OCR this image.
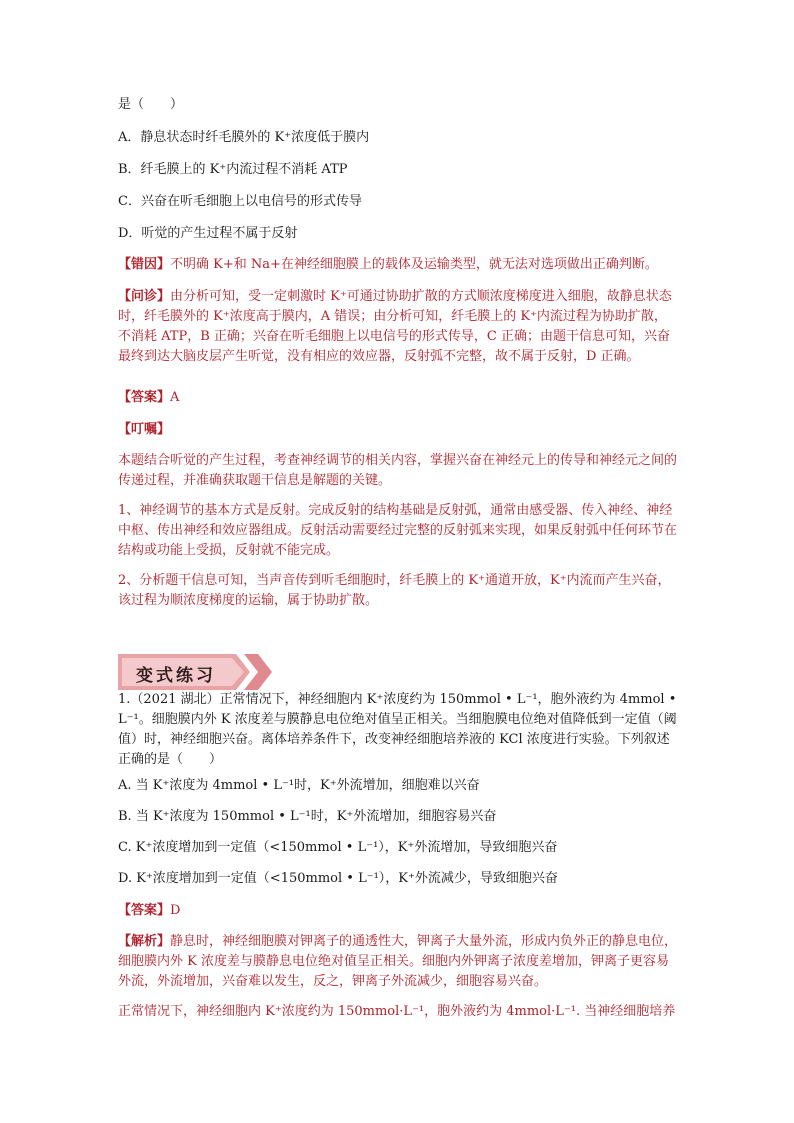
是（　　）
A．静息状态时纤毛膜外的 K⁺浓度低于膜内
B．纤毛膜上的 K⁺内流过程不消耗 ATP
C．兴奋在听毛细胞上以电信号的形式传导
D．听觉的产生过程不属于反射
【错因】不明确 K+和 Na+在神经细胞膜上的载体及运输类型，就无法对选项做出正确判断。
【问诊】由分析可知，受一定刺激时 K⁺可通过协助扩散的方式顺浓度梯度进入细胞，故静息状态时，纤毛膜外的 K⁺浓度高于膜内，A 错误；由分析可知，纤毛膜上的 K⁺内流过程为协助扩散，不消耗 ATP，B 正确；兴奋在听毛细胞上以电信号的形式传导，C 正确；由题干信息可知，兴奋最终到达大脑皮层产生听觉，没有相应的效应器，反射弧不完整，故不属于反射，D 正确。
【答案】A
【叮嘱】
本题结合听觉的产生过程，考查神经调节的相关内容，掌握兴奋在神经元上的传导和神经元之间的传递过程，并准确获取题干信息是解题的关键。
1、神经调节的基本方式是反射。完成反射的结构基础是反射弧，通常由感受器、传入神经、神经中枢、传出神经和效应器组成。反射活动需要经过完整的反射弧来实现，如果反射弧中任何环节在结构或功能上受损，反射就不能完成。
2、分析题干信息可知，当声音传到听毛细胞时，纤毛膜上的 K⁺通道开放，K⁺内流而产生兴奋，该过程为顺浓度梯度的运输，属于协助扩散。
变式练习
1.（2021 湖北）正常情况下，神经细胞内 K⁺浓度约为 150mmol • L⁻¹，胞外液约为 4mmol • L⁻¹。细胞膜内外 K 浓度差与膜静息电位绝对值呈正相关。当细胞膜电位绝对值降低到一定值（阈值）时，神经细胞兴奋。离体培养条件下，改变神经细胞培养液的 KCl 浓度进行实验。下列叙述正确的是（　　）
A. 当 K⁺浓度为 4mmol • L⁻¹时，K⁺外流增加，细胞难以兴奋
B. 当 K⁺浓度为 150mmol • L⁻¹时，K⁺外流增加，细胞容易兴奋
C. K⁺浓度增加到一定值（<150mmol • L⁻¹），K⁺外流增加，导致细胞兴奋
D. K⁺浓度增加到一定值（<150mmol • L⁻¹），K⁺外流减少，导致细胞兴奋
【答案】D
【解析】静息时，神经细胞膜对钾离子的通透性大，钾离子大量外流，形成内负外正的静息电位，细胞膜内外 K 浓度差与膜静息电位绝对值呈正相关。细胞内外钾离子浓度差增加，钾离子更容易外流，外流增加，兴奋难以发生，反之，钾离子外流减少，细胞容易兴奋。
正常情况下，神经细胞内 K⁺浓度约为 150mmol·L⁻¹，胞外液约为 4mmol·L⁻¹. 当神经细胞培养
